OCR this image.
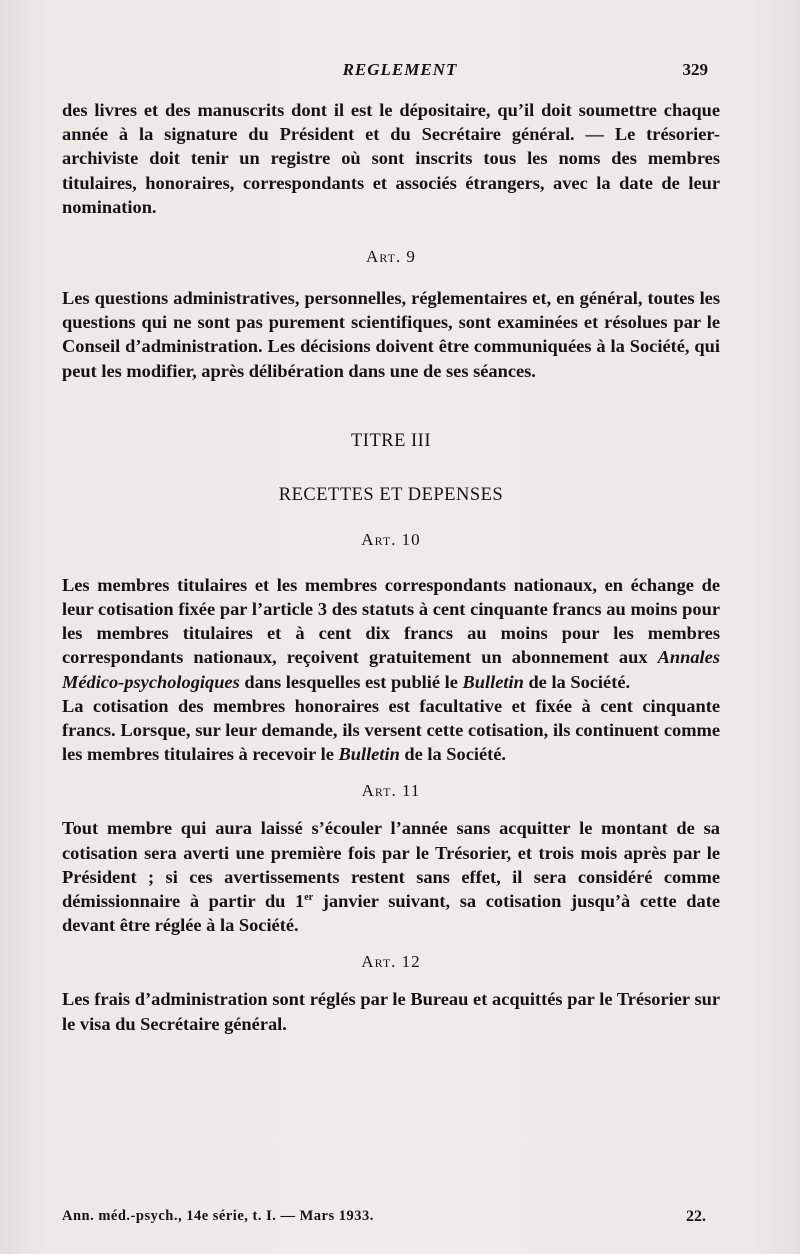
REGLEMENT	329

des livres et des manuscrits dont il est le dépositaire, qu’il doit soumettre chaque année à la signature du Président et du Secrétaire général. — Le trésorier-archiviste doit tenir un registre où sont inscrits tous les noms des membres titulaires, honoraires, correspondants et associés étrangers, avec la date de leur nomination.

Art. 9

Les questions administratives, personnelles, réglementaires et, en général, toutes les questions qui ne sont pas purement scientifiques, sont examinées et résolues par le Conseil d’administration. Les décisions doivent être communiquées à la Société, qui peut les modifier, après délibération dans une de ses séances.

TITRE III
RECETTES ET DEPENSES
Art. 10

Les membres titulaires et les membres correspondants nationaux, en échange de leur cotisation fixée par l’article 3 des statuts à cent cinquante francs au moins pour les membres titulaires et à cent dix francs au moins pour les membres correspondants nationaux, reçoivent gratuitement un abonnement aux Annales Médico-psychologiques dans lesquelles est publié le Bulletin de la Société.

La cotisation des membres honoraires est facultative et fixée à cent cinquante francs. Lorsque, sur leur demande, ils versent cette cotisation, ils continuent comme les membres titulaires à recevoir le Bulletin de la Société.

Art. 11

Tout membre qui aura laissé s’écouler l’année sans acquitter le montant de sa cotisation sera averti une première fois par le Trésorier, et trois mois après par le Président ; si ces avertissements restent sans effet, il sera considéré comme démissionnaire à partir du 1er janvier suivant, sa cotisation jusqu’à cette date devant être réglée à la Société.

Art. 12

Les frais d’administration sont réglés par le Bureau et acquittés par le Trésorier sur le visa du Secrétaire général.

Ann. méd.-psych., 14e série, t. I. — Mars 1933.	22.
